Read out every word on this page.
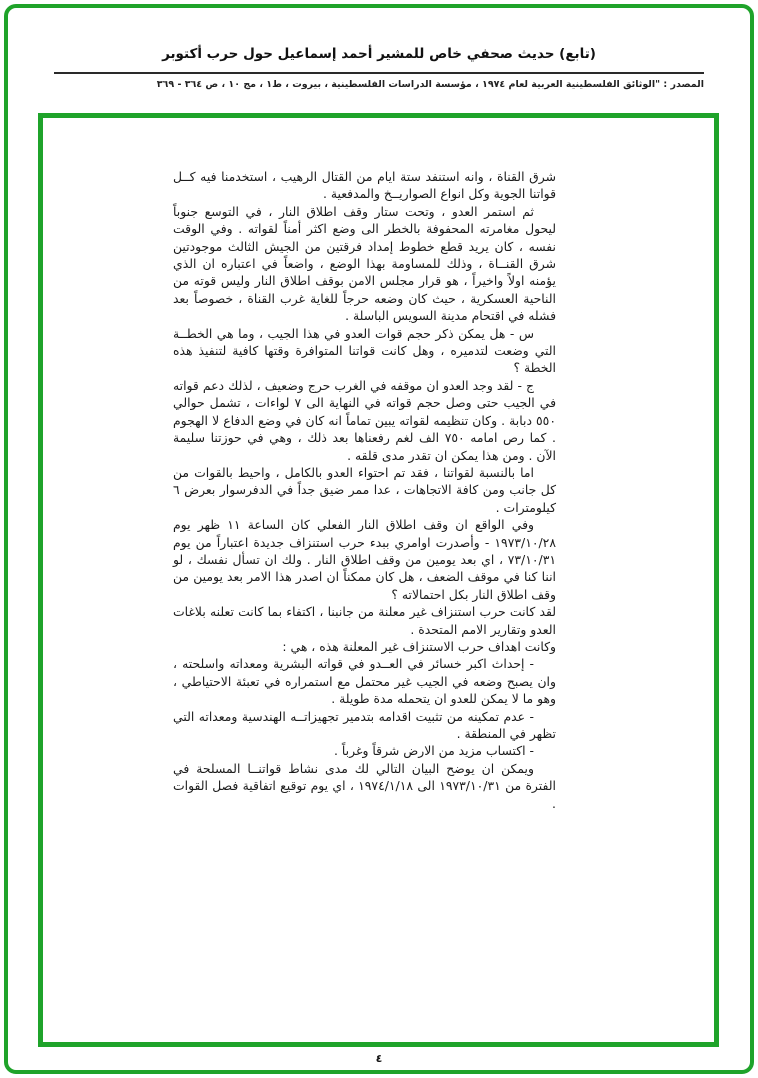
(تابع) حديث صحفي خاص للمشير أحمد إسماعيل حول حرب أكتوبر
المصدر : "الوثائق الفلسطينية العربية لعام ١٩٧٤ ، مؤسسة الدراسات الفلسطينية ، بيروت ، ط١ ، مج ١٠ ، ص ٣٦٤ - ٣٦٩

شرق القناة ، وانه استنفد ستة ايام من القتال الرهيب ، استخدمنا فيه كــل قواتنا الجوية وكل انواع الصواريــخ والمدفعية .

ثم استمر العدو ، وتحت ستار وقف اطلاق النار ، في التوسع جنوباً ليحول مغامرته المحفوفة بالخطر الى وضع اكثر أمناً لقواته . وفي الوقت نفسه ، كان يريد قطع خطوط إمداد فرقتين من الجيش الثالث موجودتين شرق القنــاة ، وذلك للمساومة بهذا الوضع ، واضعاً في اعتباره ان الذي يؤمنه اولاً واخيراً ، هو قرار مجلس الامن بوقف اطلاق النار وليس قوته من الناحية العسكرية ، حيث كان وضعه حرجاً للغاية غرب القناة ، خصوصاً بعد فشله في اقتحام مدينة السويس الباسلة .

س - هل يمكن ذكر حجم قوات العدو في هذا الجيب ، وما هي الخطــة التي وضعت لتدميره ، وهل كانت قواتنا المتوافرة وقتها كافية لتنفيذ هذه الخطة ؟

ج - لقد وجد العدو ان موقفه في الغرب حرج وضعيف ، لذلك دعم قواته في الجيب حتى وصل حجم قواته في النهاية الى ٧ لواءات ، تشمل حوالي ٥٥٠ دبابة . وكان تنظيمه لقواته يبين تماماً انه كان في وضع الدفاع لا الهجوم . كما رص امامه ٧٥٠ الف لغم رفعناها بعد ذلك ، وهي في حوزتنا سليمة الآن . ومن هذا يمكن ان تقدر مدى قلقه .

اما بالنسبة لقواتنا ، فقد تم احتواء العدو بالكامل ، واحيط بالقوات من كل جانب ومن كافة الاتجاهات ، عدا ممر ضيق جداً في الدفرسوار بعرض ٦ كيلومترات .

وفي الواقع ان وقف اطلاق النار الفعلي كان الساعة ١١ ظهر يوم ١٩٧٣/١٠/٢٨ - وأصدرت اوامري ببدء حرب استنزاف جديدة اعتباراً من يوم ٧٣/١٠/٣١ ، اي بعد يومين من وقف اطلاق النار . ولك ان تسأل نفسك ، لو اننا كنا في موقف الضعف ، هل كان ممكناً ان اصدر هذا الامر بعد يومين من وقف اطلاق النار بكل احتمالاته ؟

لقد كانت حرب استنزاف غير معلنة من جانبنا ، اكتفاء بما كانت تعلنه بلاغات العدو وتقارير الامم المتحدة .

وكانت اهداف حرب الاستنزاف غير المعلنة هذه ، هي :

- إحداث اكبر خسائر في العــدو في قواته البشرية ومعداته واسلحته ، وان يصبح وضعه في الجيب غير محتمل مع استمراره في تعبئة الاحتياطي ، وهو ما لا يمكن للعدو ان يتحمله مدة طويلة .

- عدم تمكينه من تثبيت اقدامه بتدمير تجهيزاتــه الهندسية ومعداته التي تظهر في المنطقة .

- اكتساب مزيد من الارض شرقاً وغرباً .

ويمكن ان يوضح البيان التالي لك مدى نشاط قواتنــا المسلحة في الفترة من ١٩٧٣/١٠/٣١ الى ١٩٧٤/١/١٨ ، اي يوم توقيع اتفاقية فصل القوات .

٤
